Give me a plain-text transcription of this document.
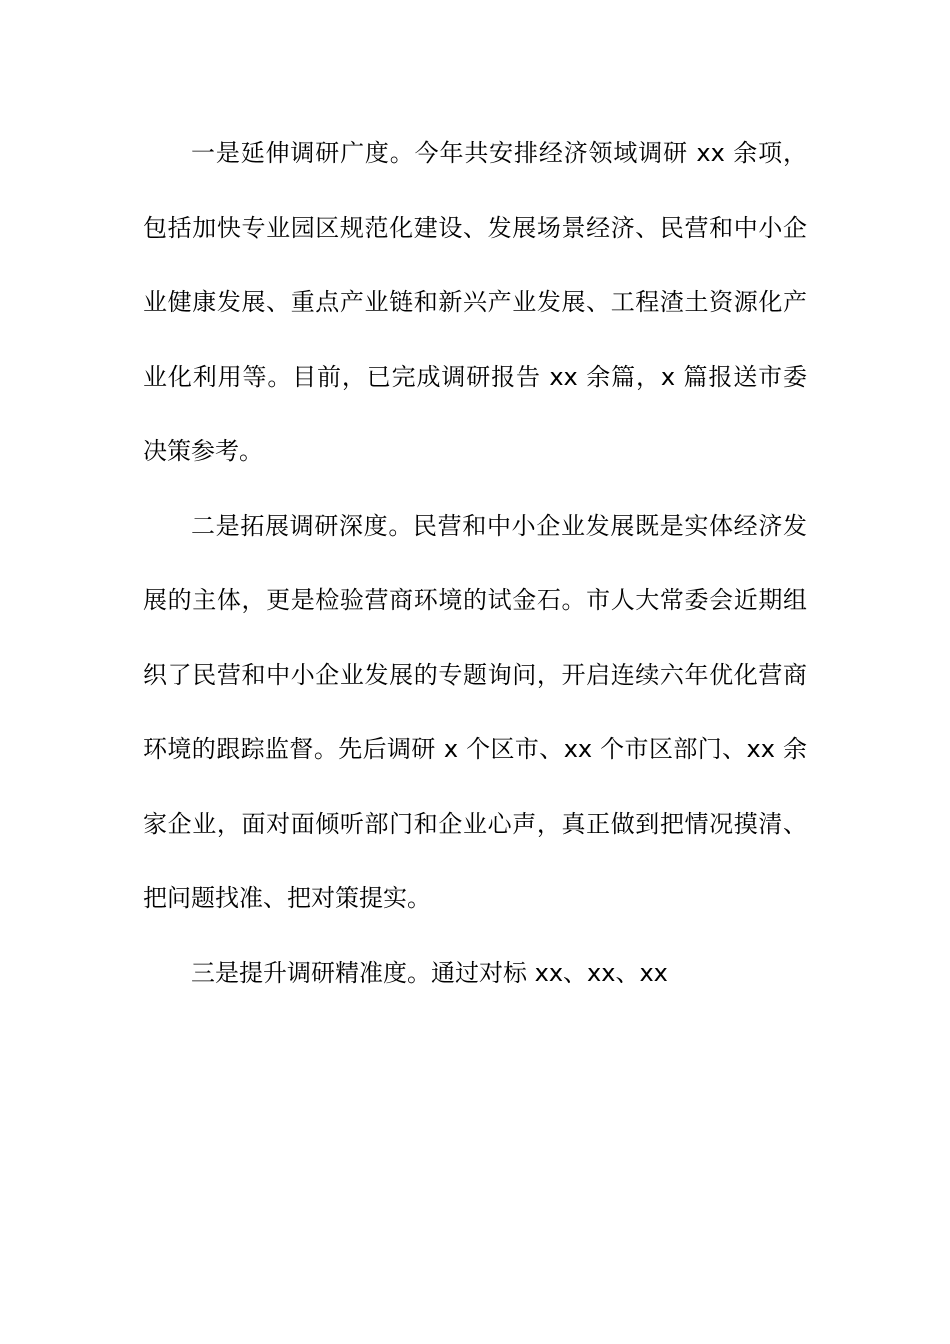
一是延伸调研广度。今年共安排经济领域调研 xx 余项，包括加快专业园区规范化建设、发展场景经济、民营和中小企业健康发展、重点产业链和新兴产业发展、工程渣土资源化产业化利用等。目前，已完成调研报告 xx 余篇，x 篇报送市委决策参考。

二是拓展调研深度。民营和中小企业发展既是实体经济发展的主体，更是检验营商环境的试金石。市人大常委会近期组织了民营和中小企业发展的专题询问，开启连续六年优化营商环境的跟踪监督。先后调研 x 个区市、xx 个市区部门、xx 余家企业，面对面倾听部门和企业心声，真正做到把情况摸清、把问题找准、把对策提实。

三是提升调研精准度。通过对标 xx、xx、xx
